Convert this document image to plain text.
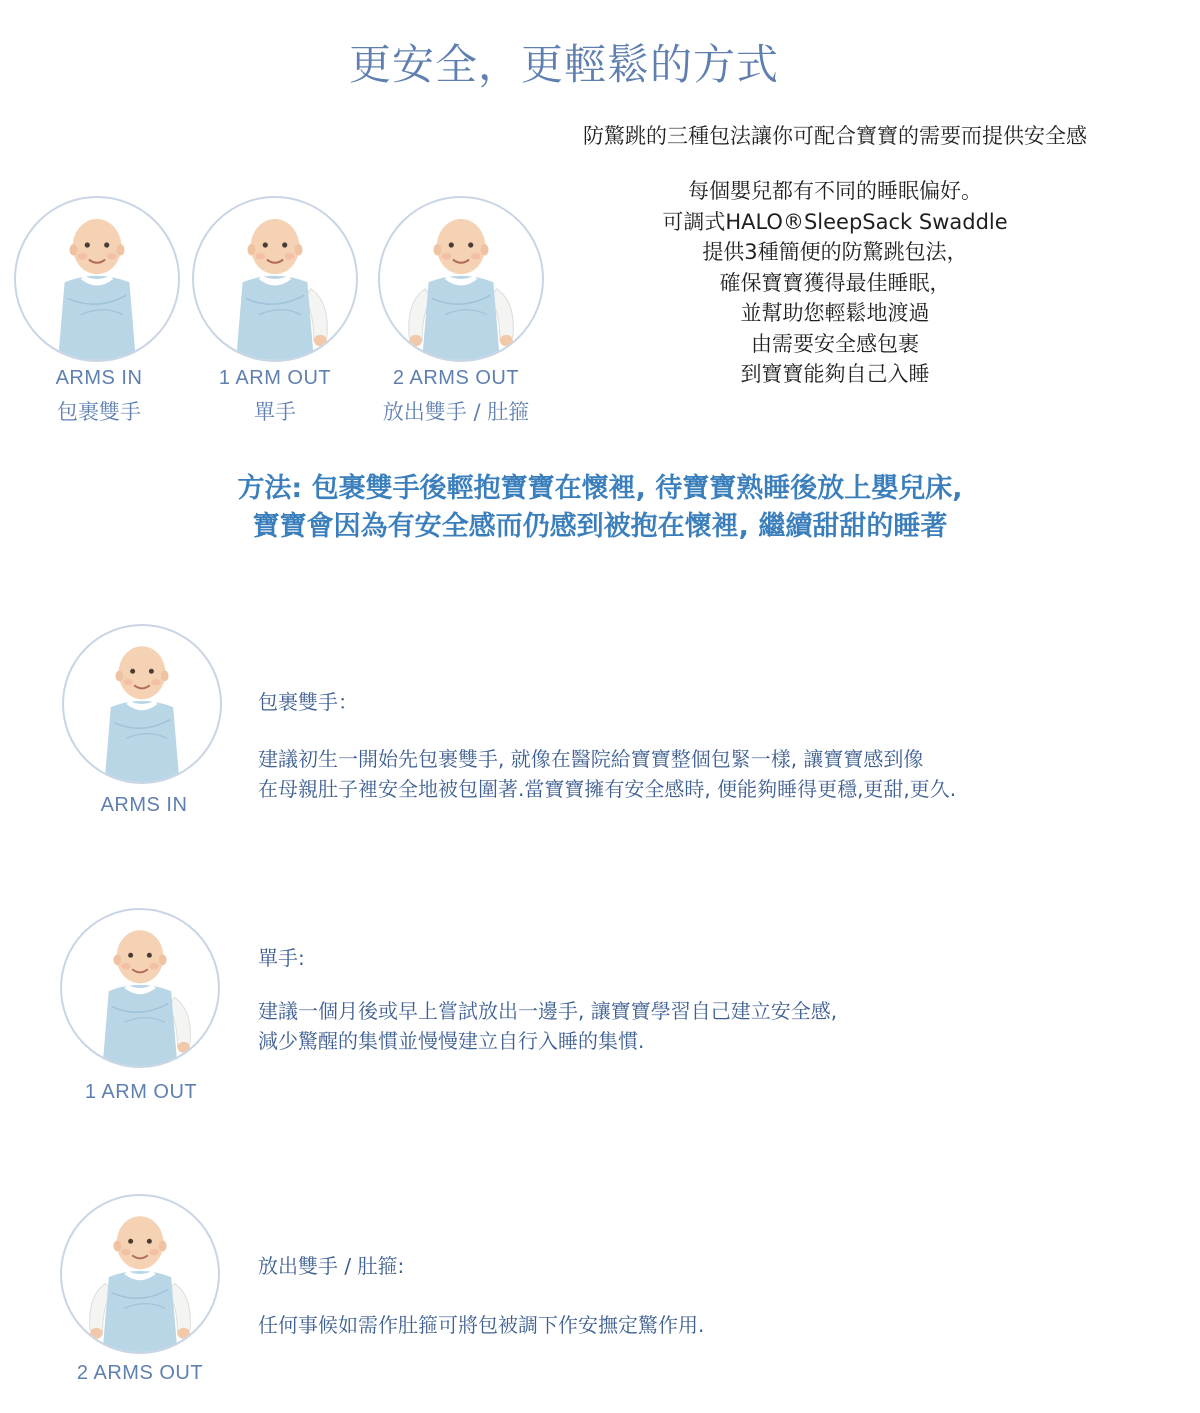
更安全，更輕鬆的方式
防驚跳的三種包法讓你可配合寶寶的需要而提供安全感
每個嬰兒都有不同的睡眠偏好。
可調式HALO®SleepSack Swaddle
提供3種簡便的防驚跳包法，
確保寶寶獲得最佳睡眠，
並幫助您輕鬆地渡過
由需要安全感包裹
到寶寶能夠自己入睡
ARMS IN
包裹雙手
1 ARM OUT
單手
2 ARMS OUT
放出雙手 / 肚箍
方法: 包裹雙手後輕抱寶寶在懷裡, 待寶寶熟睡後放上嬰兒床,
寶寶會因為有安全感而仍感到被抱在懷裡, 繼續甜甜的睡著
ARMS IN
包裹雙手：
建議初生一開始先包裹雙手, 就像在醫院給寶寶整個包緊一樣, 讓寶寶感到像
在母親肚子裡安全地被包圍著.當寶寶擁有安全感時, 便能夠睡得更穩,更甜,更久.
1 ARM OUT
單手:
建議一個月後或早上嘗試放出一邊手, 讓寶寶學習自己建立安全感,
減少驚醒的集慣並慢慢建立自行入睡的集慣.
2 ARMS OUT
放出雙手 / 肚箍:
任何事候如需作肚箍可將包被調下作安撫定驚作用.
